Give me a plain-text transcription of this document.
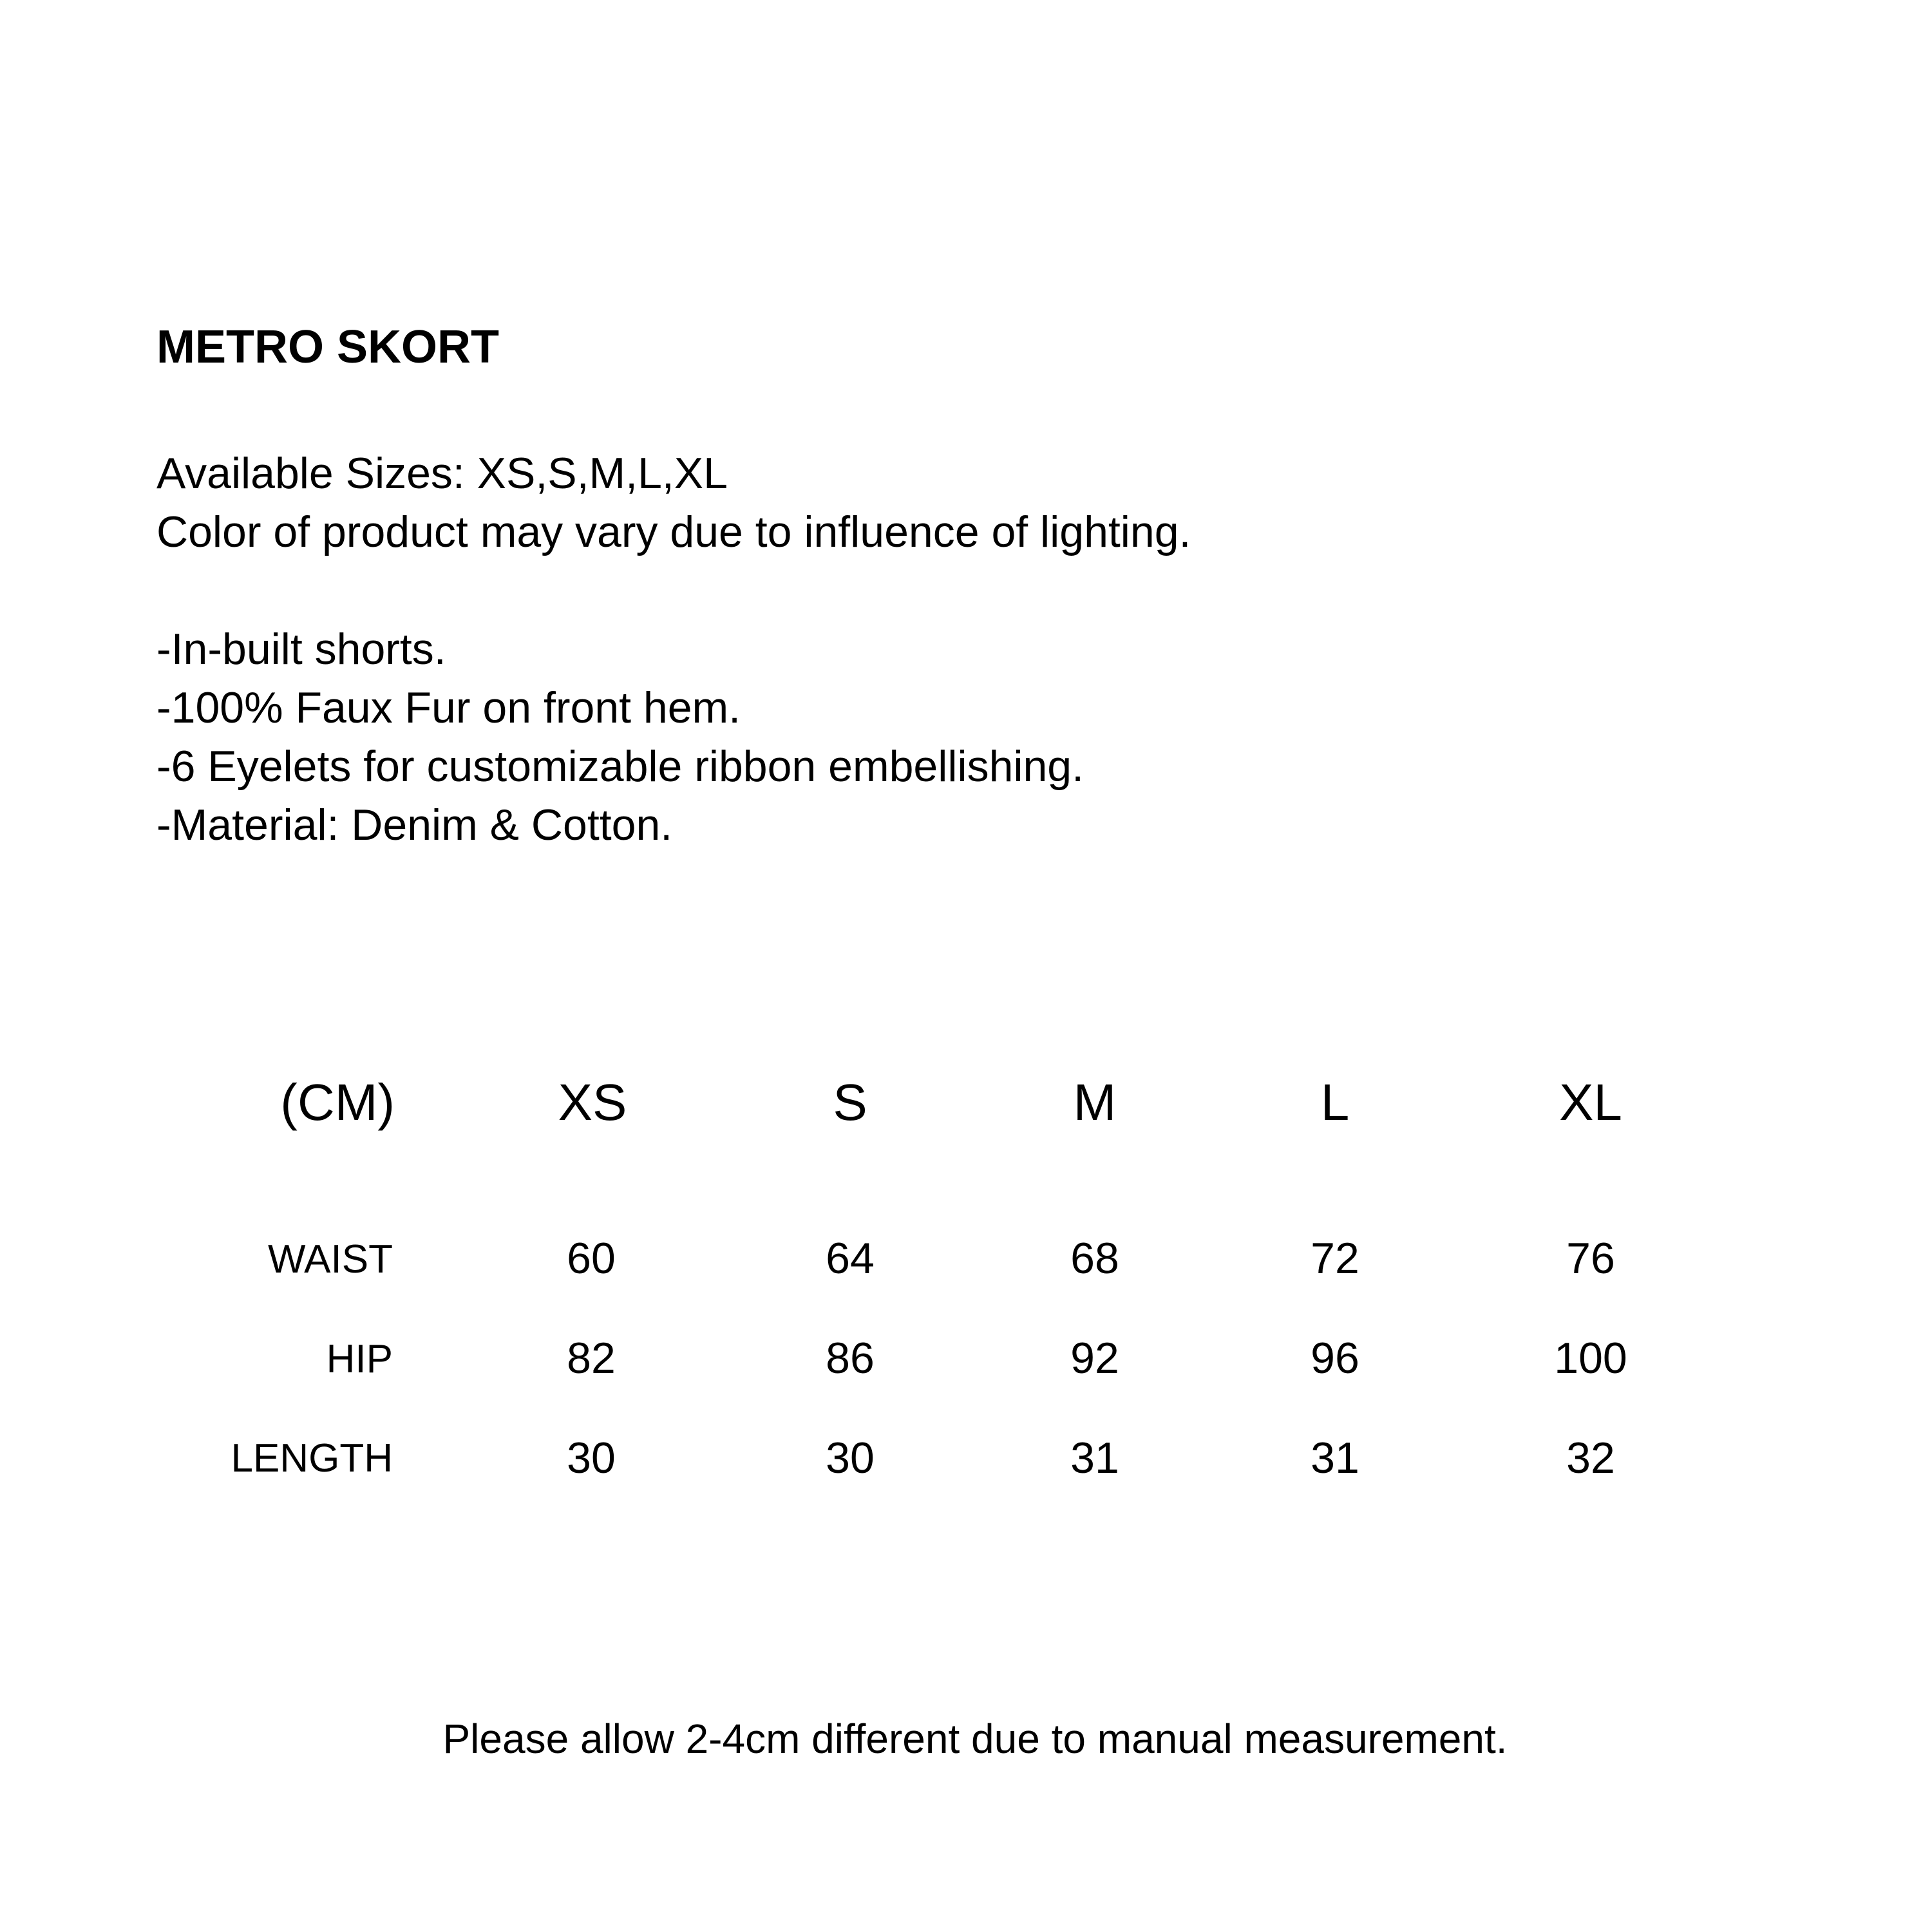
METRO SKORT
Available Sizes: XS,S,M,L,XL
Color of product may vary due to influence of lighting.
-In-built shorts.
-100% Faux Fur on front hem.
-6 Eyelets for customizable ribbon embellishing.
-Material: Denim & Cotton.
(CM)	XS	S	M	L	XL
WAIST	60	64	68	72	76
HIP	82	86	92	96	100
LENGTH	30	30	31	31	32
Please allow 2-4cm different due to manual measurement.
